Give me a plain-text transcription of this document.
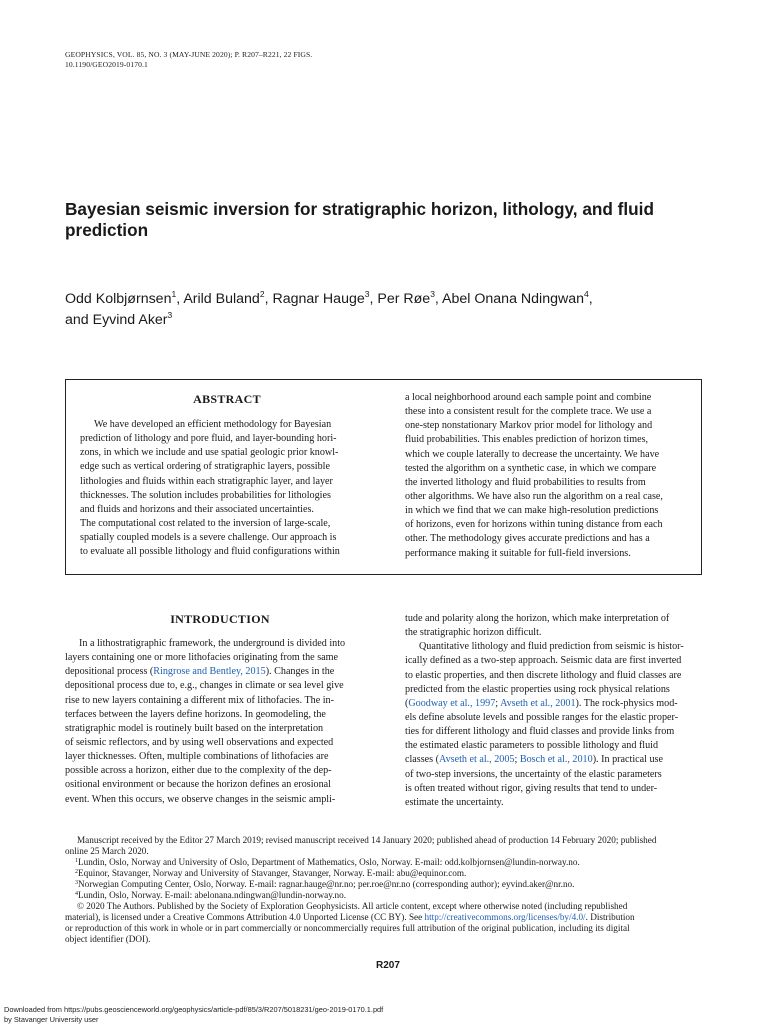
GEOPHYSICS, VOL. 85, NO. 3 (MAY-JUNE 2020); P. R207–R221, 22 FIGS.
10.1190/GEO2019-0170.1
Bayesian seismic inversion for stratigraphic horizon, lithology, and fluid
prediction
Odd Kolbjørnsen$^1$, Arild Buland$^2$, Ragnar Hauge$^3$, Per Røe$^3$, Abel Onana Ndingwan$^4$,
and Eyvind Aker$^3$
ABSTRACT
We have developed an efficient methodology for Bayesian
prediction of lithology and pore fluid, and layer-bounding hori-
zons, in which we include and use spatial geologic prior knowl-
edge such as vertical ordering of stratigraphic layers, possible
lithologies and fluids within each stratigraphic layer, and layer
thicknesses. The solution includes probabilities for lithologies
and fluids and horizons and their associated uncertainties.
The computational cost related to the inversion of large-scale,
spatially coupled models is a severe challenge. Our approach is
to evaluate all possible lithology and fluid configurations within
a local neighborhood around each sample point and combine
these into a consistent result for the complete trace. We use a
one-step nonstationary Markov prior model for lithology and
fluid probabilities. This enables prediction of horizon times,
which we couple laterally to decrease the uncertainty. We have
tested the algorithm on a synthetic case, in which we compare
the inverted lithology and fluid probabilities to results from
other algorithms. We have also run the algorithm on a real case,
in which we find that we can make high-resolution predictions
of horizons, even for horizons within tuning distance from each
other. The methodology gives accurate predictions and has a
performance making it suitable for full-field inversions.
INTRODUCTION
In a lithostratigraphic framework, the underground is divided into
layers containing one or more lithofacies originating from the same
depositional process (Ringrose and Bentley, 2015). Changes in the
depositional process due to, e.g., changes in climate or sea level give
rise to new layers containing a different mix of lithofacies. The in-
terfaces between the layers define horizons. In geomodeling, the
stratigraphic model is routinely built based on the interpretation
of seismic reflectors, and by using well observations and expected
layer thicknesses. Often, multiple combinations of lithofacies are
possible across a horizon, either due to the complexity of the dep-
ositional environment or because the horizon defines an erosional
event. When this occurs, we observe changes in the seismic ampli-
tude and polarity along the horizon, which make interpretation of
the stratigraphic horizon difficult.
Quantitative lithology and fluid prediction from seismic is histor-
ically defined as a two-step approach. Seismic data are first inverted
to elastic properties, and then discrete lithology and fluid classes are
predicted from the elastic properties using rock physical relations
(Goodway et al., 1997; Avseth et al., 2001). The rock-physics mod-
els define absolute levels and possible ranges for the elastic proper-
ties for different lithology and fluid classes and provide links from
the estimated elastic parameters to possible lithology and fluid
classes (Avseth et al., 2005; Bosch et al., 2010). In practical use
of two-step inversions, the uncertainty of the elastic parameters
is often treated without rigor, giving results that tend to under-
estimate the uncertainty.
Manuscript received by the Editor 27 March 2019; revised manuscript received 14 January 2020; published ahead of production 14 February 2020; published
online 25 March 2020.
$^1$Lundin, Oslo, Norway and University of Oslo, Department of Mathematics, Oslo, Norway. E-mail: odd.kolbjornsen@lundin-norway.no.
$^2$Equinor, Stavanger, Norway and University of Stavanger, Stavanger, Norway. E-mail: abu@equinor.com.
$^3$Norwegian Computing Center, Oslo, Norway. E-mail: ragnar.hauge@nr.no; per.roe@nr.no (corresponding author); eyvind.aker@nr.no.
$^4$Lundin, Oslo, Norway. E-mail: abelonana.ndingwan@lundin-norway.no.
© 2020 The Authors. Published by the Society of Exploration Geophysicists. All article content, except where otherwise noted (including republished
material), is licensed under a Creative Commons Attribution 4.0 Unported License (CC BY). See http://creativecommons.org/licenses/by/4.0/. Distribution
or reproduction of this work in whole or in part commercially or noncommercially requires full attribution of the original publication, including its digital
object identifier (DOI).
R207
Downloaded from https://pubs.geoscienceworld.org/geophysics/article-pdf/85/3/R207/5018231/geo-2019-0170.1.pdf
by Stavanger University user
